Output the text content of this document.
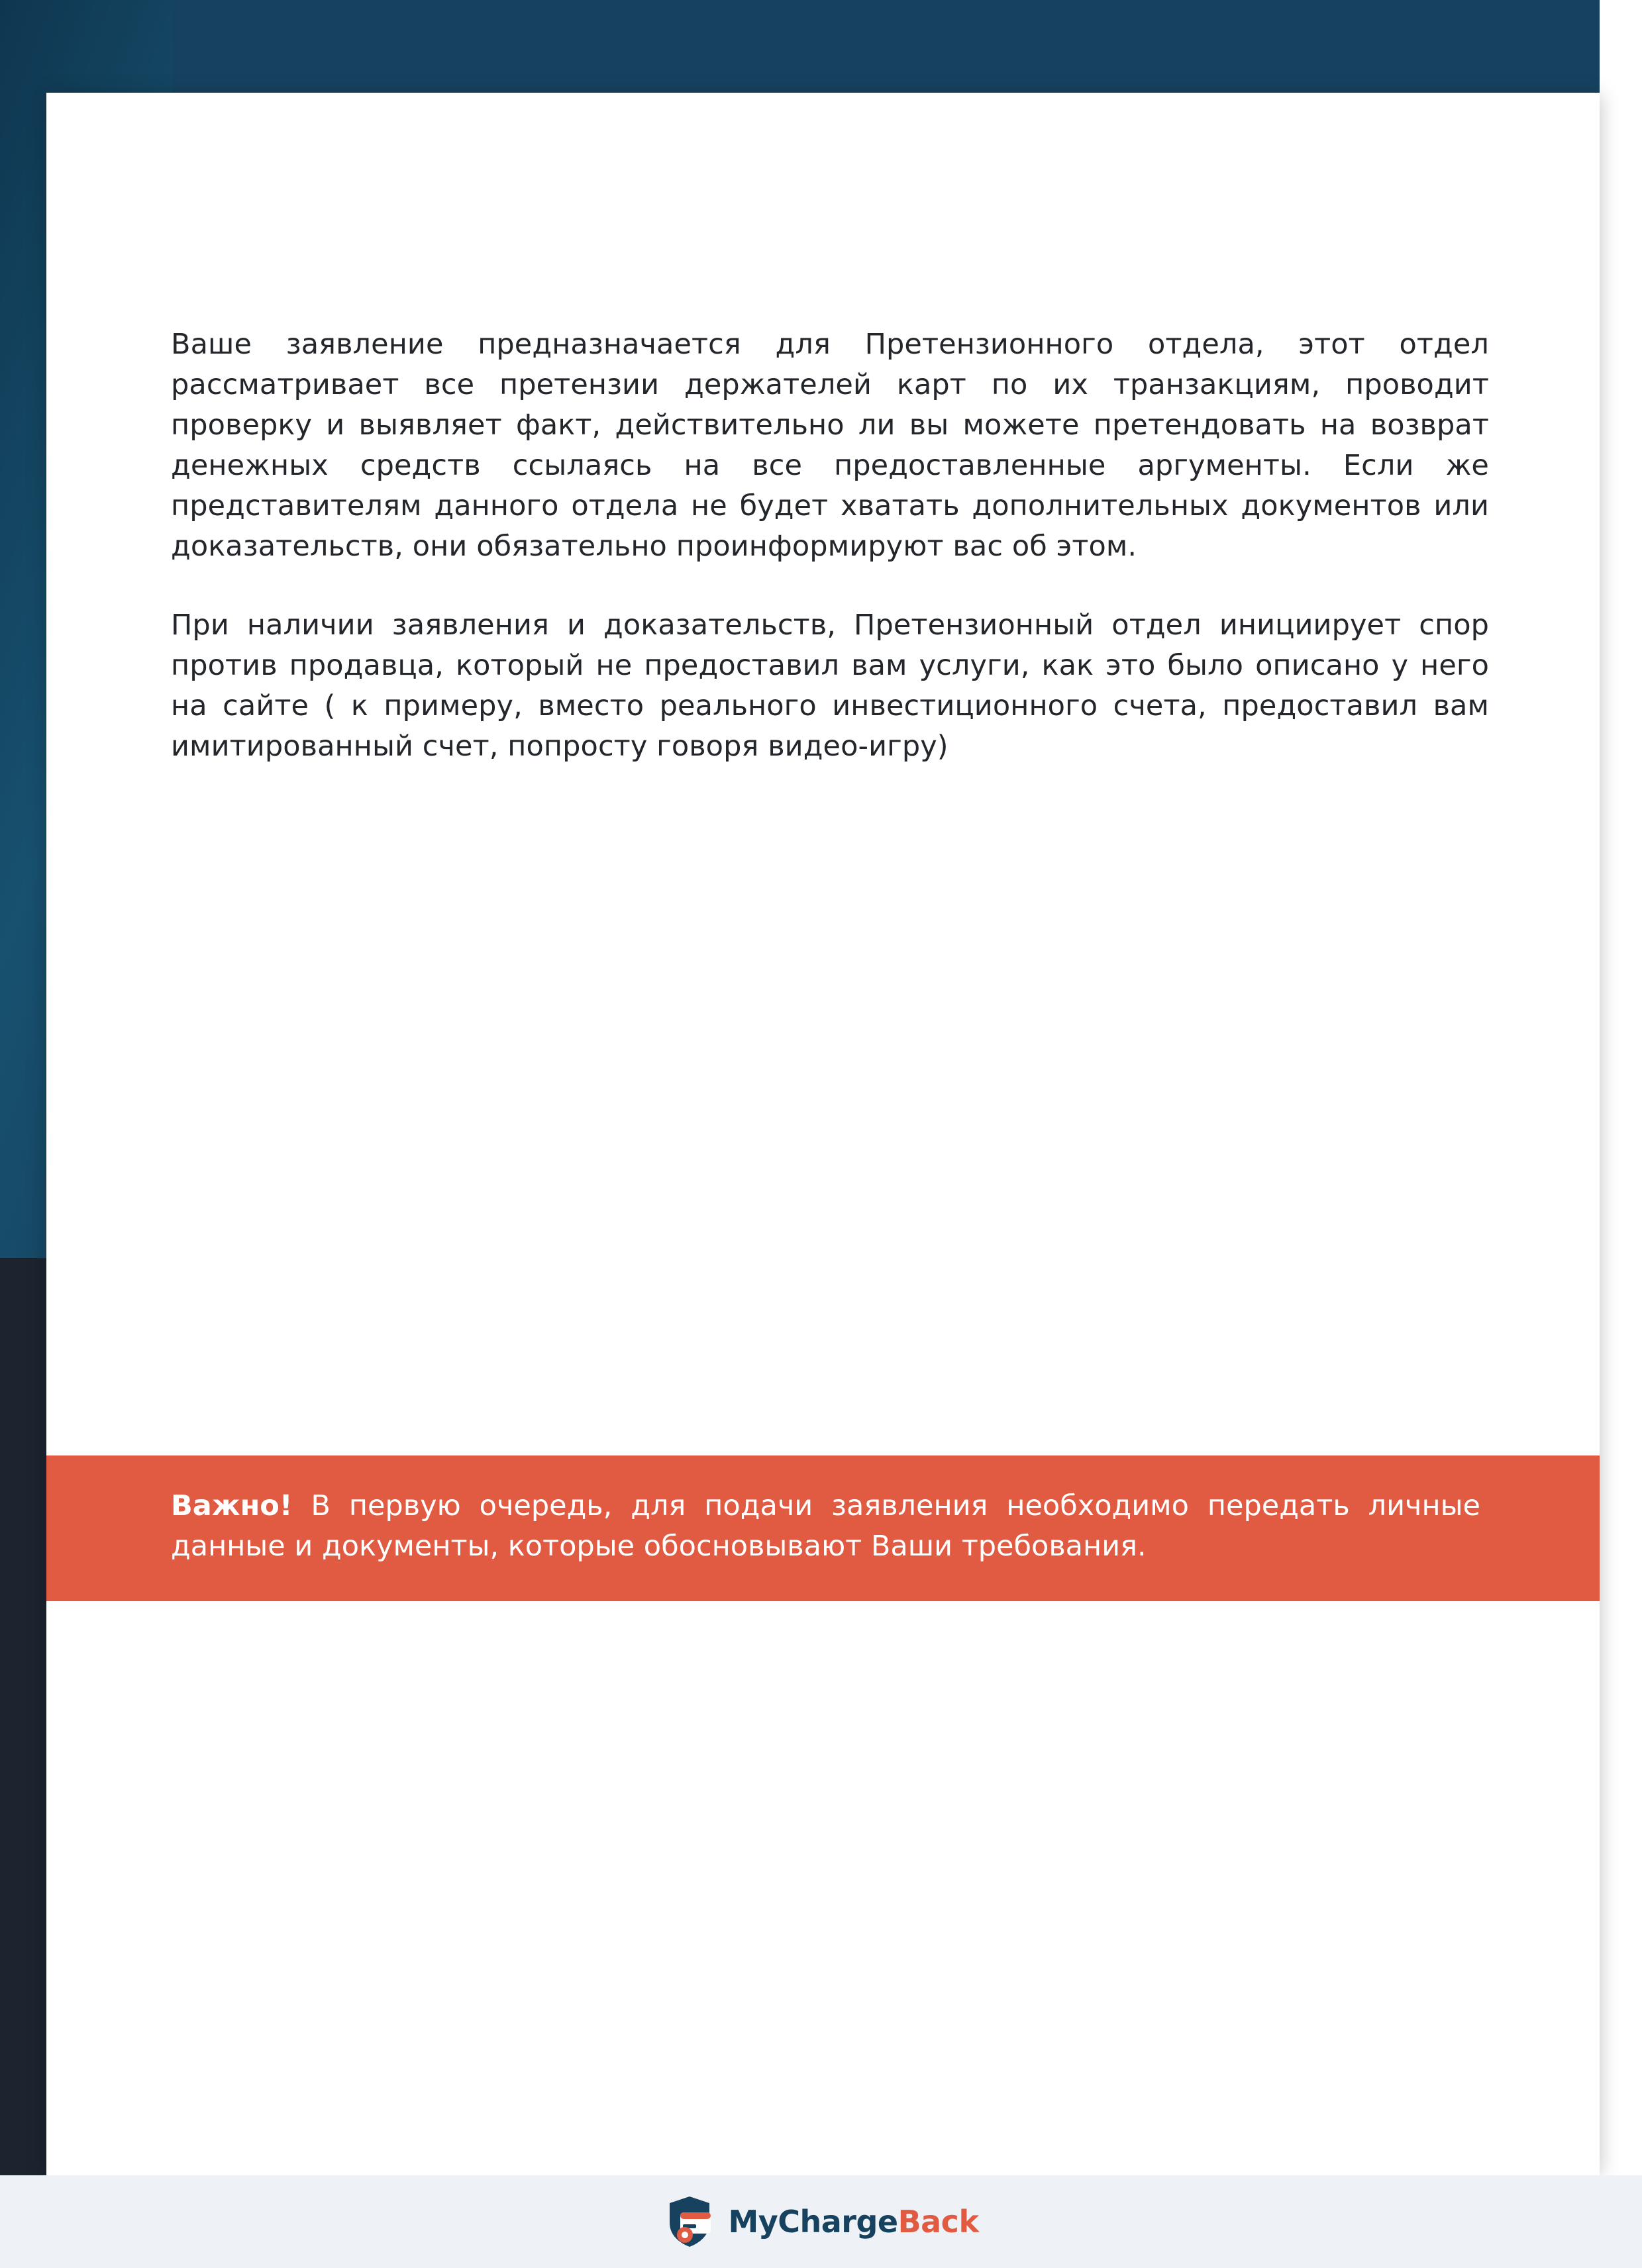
Ваше заявление предназначается для Претензионного отдела, этот отдел рассматривает все претензии держателей карт по их транзакциям, проводит проверку и выявляет факт, действительно ли вы можете претендовать на возврат денежных средств ссылаясь на все предоставленные аргументы. Если же представителям данного отдела не будет хватать дополнительных документов или доказательств, они обязательно проинформируют вас об этом.

При наличии заявления и доказательств, Претензионный отдел инициирует спор против продавца, который не предоставил вам услуги, как это было описано у него на сайте ( к примеру, вместо реального инвестиционного счета, предоставил вам имитированный счет, попросту говоря видео-игру)

Важно! В первую очередь, для подачи заявления необходимо передать личные данные и документы, которые обосновывают Ваши требования.
MyChargeBack
